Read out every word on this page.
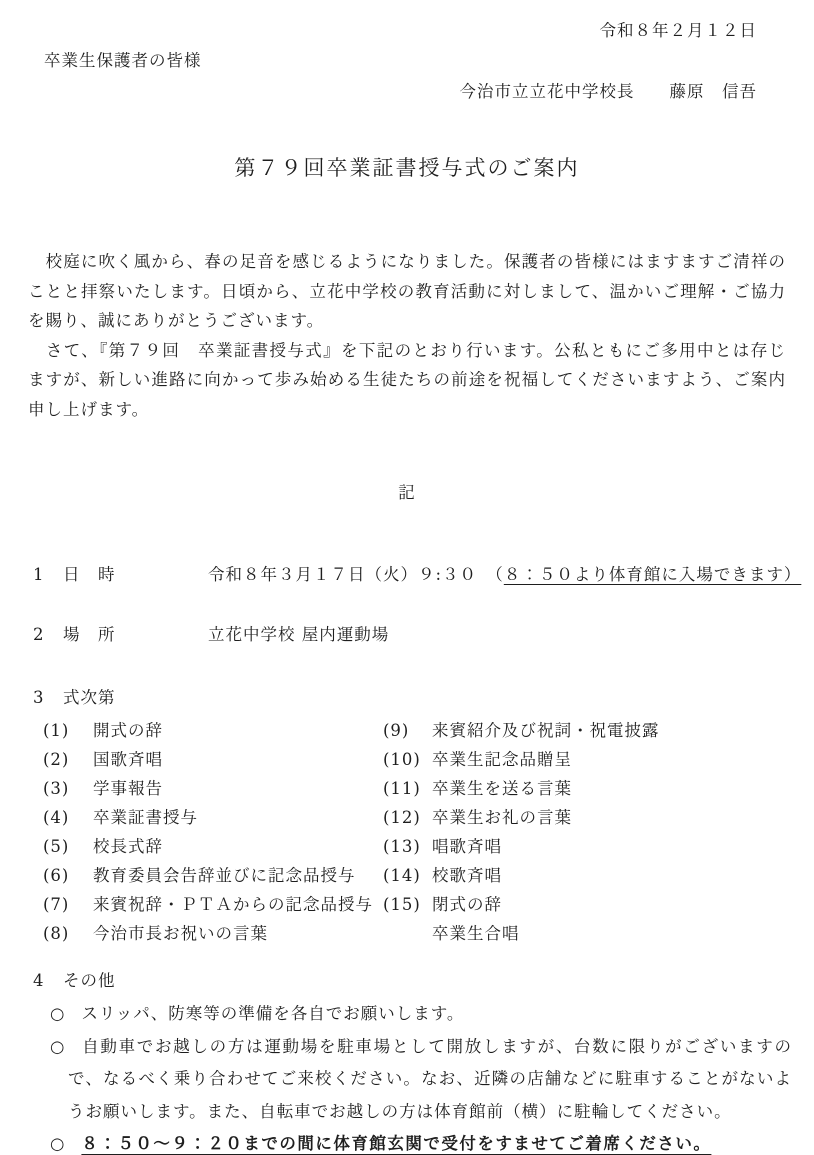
令和８年２月１２日
卒業生保護者の皆様
今治市立立花中学校長　　藤原　信吾
第７９回卒業証書授与式のご案内

　校庭に吹く風から、春の足音を感じるようになりました。保護者の皆様にはますますご清祥のことと拝察いたします。日頃から、立花中学校の教育活動に対しまして、温かいご理解・ご協力を賜り、誠にありがとうございます。

　さて、『第７９回　卒業証書授与式』を下記のとおり行います。公私ともにご多用中とは存じますが、新しい進路に向かって歩み始める生徒たちの前途を祝福してくださいますよう、ご案内申し上げます。

記
1 日　時	令和８年３月１７日（火）９:３０　（８：５０より体育館に入場できます）
2 場　所	立花中学校 屋内運動場
3 式次第
(1)	開式の辞	(9)	来賓紹介及び祝詞・祝電披露
(2)	国歌斉唱	(10) 卒業生記念品贈呈
(3)	学事報告	(11) 卒業生を送る言葉
(4)	卒業証書授与	(12) 卒業生お礼の言葉
(5)	校長式辞	(13) 唱歌斉唱
(6)	教育委員会告辞並びに記念品授与	(14) 校歌斉唱
(7)	来賓祝辞・ＰＴＡからの記念品授与 (15) 閉式の辞
(8)	今治市長お祝いの言葉	卒業生合唱
4 その他
○ スリッパ、防寒等の準備を各自でお願いします。
○ 自動車でお越しの方は運動場を駐車場として開放しますが、台数に限りがございますので、なるべく乗り合わせてご来校ください。なお、近隣の店舗などに駐車することがないようお願いします。また、自転車でお越しの方は体育館前（横）に駐輪してください。
○ ８：５０～９：２０までの間に体育館玄関で受付をすませてご着席ください。
